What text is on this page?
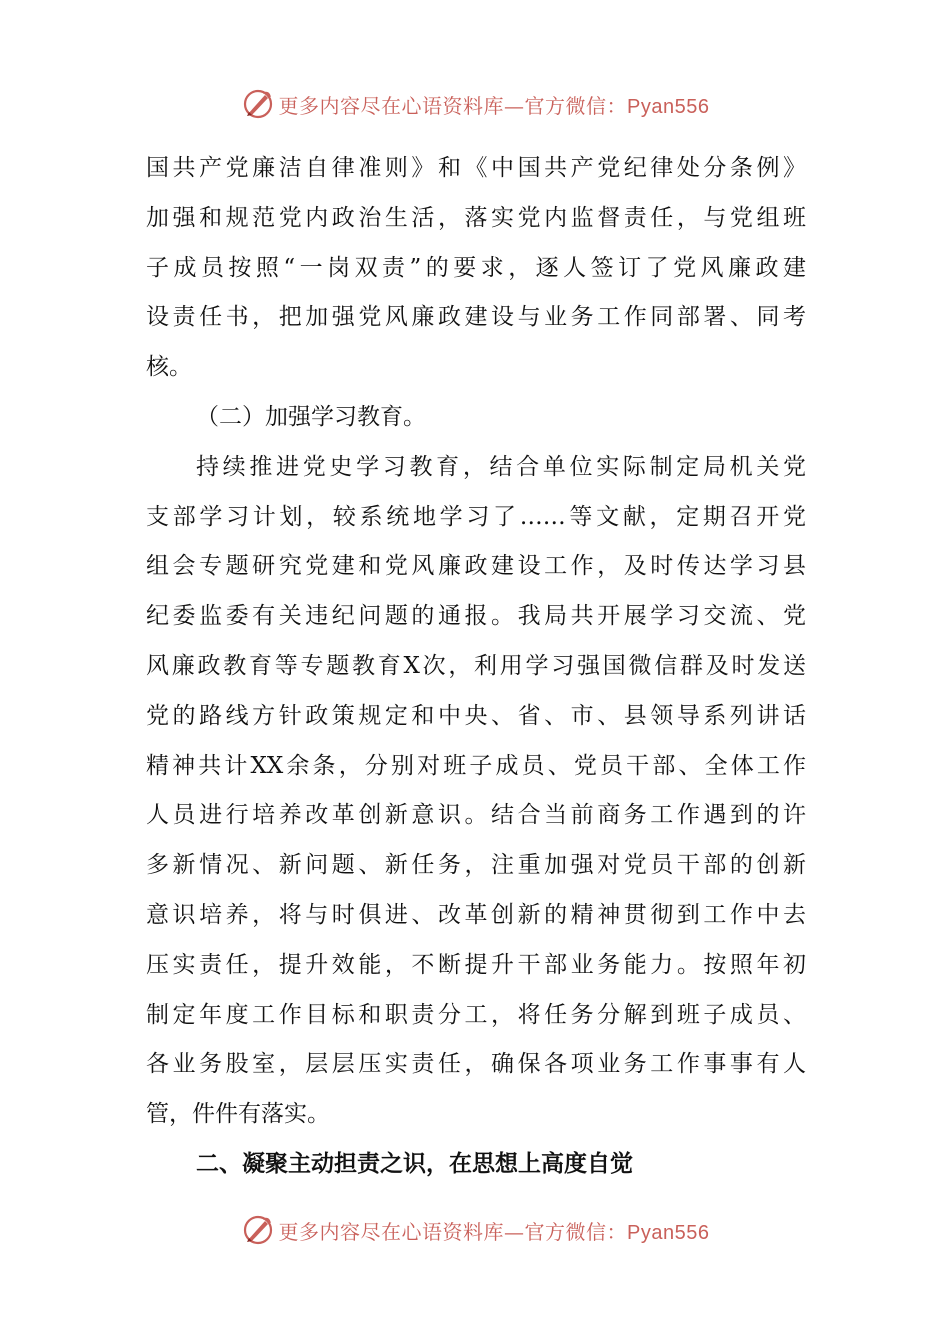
更多内容尽在心语资料库—官方微信：Pyan556
国共产党廉洁自律准则》和《中国共产党纪律处分条例》
加强和规范党内政治生活，落实党内监督责任，与党组班
子成员按照“一岗双责”的要求，逐人签订了党风廉政建
设责任书，把加强党风廉政建设与业务工作同部署、同考
核。
（二）加强学习教育。
持续推进党史学习教育，结合单位实际制定局机关党
支部学习计划，较系统地学习了……等文献，定期召开党
组会专题研究党建和党风廉政建设工作，及时传达学习县
纪委监委有关违纪问题的通报。我局共开展学习交流、党
风廉政教育等专题教育X次，利用学习强国微信群及时发送
党的路线方针政策规定和中央、省、市、县领导系列讲话
精神共计XX余条，分别对班子成员、党员干部、全体工作
人员进行培养改革创新意识。结合当前商务工作遇到的许
多新情况、新问题、新任务，注重加强对党员干部的创新
意识培养，将与时俱进、改革创新的精神贯彻到工作中去
压实责任，提升效能，不断提升干部业务能力。按照年初
制定年度工作目标和职责分工，将任务分解到班子成员、
各业务股室，层层压实责任，确保各项业务工作事事有人
管，件件有落实。
二、凝聚主动担责之识，在思想上高度自觉
更多内容尽在心语资料库—官方微信：Pyan556
